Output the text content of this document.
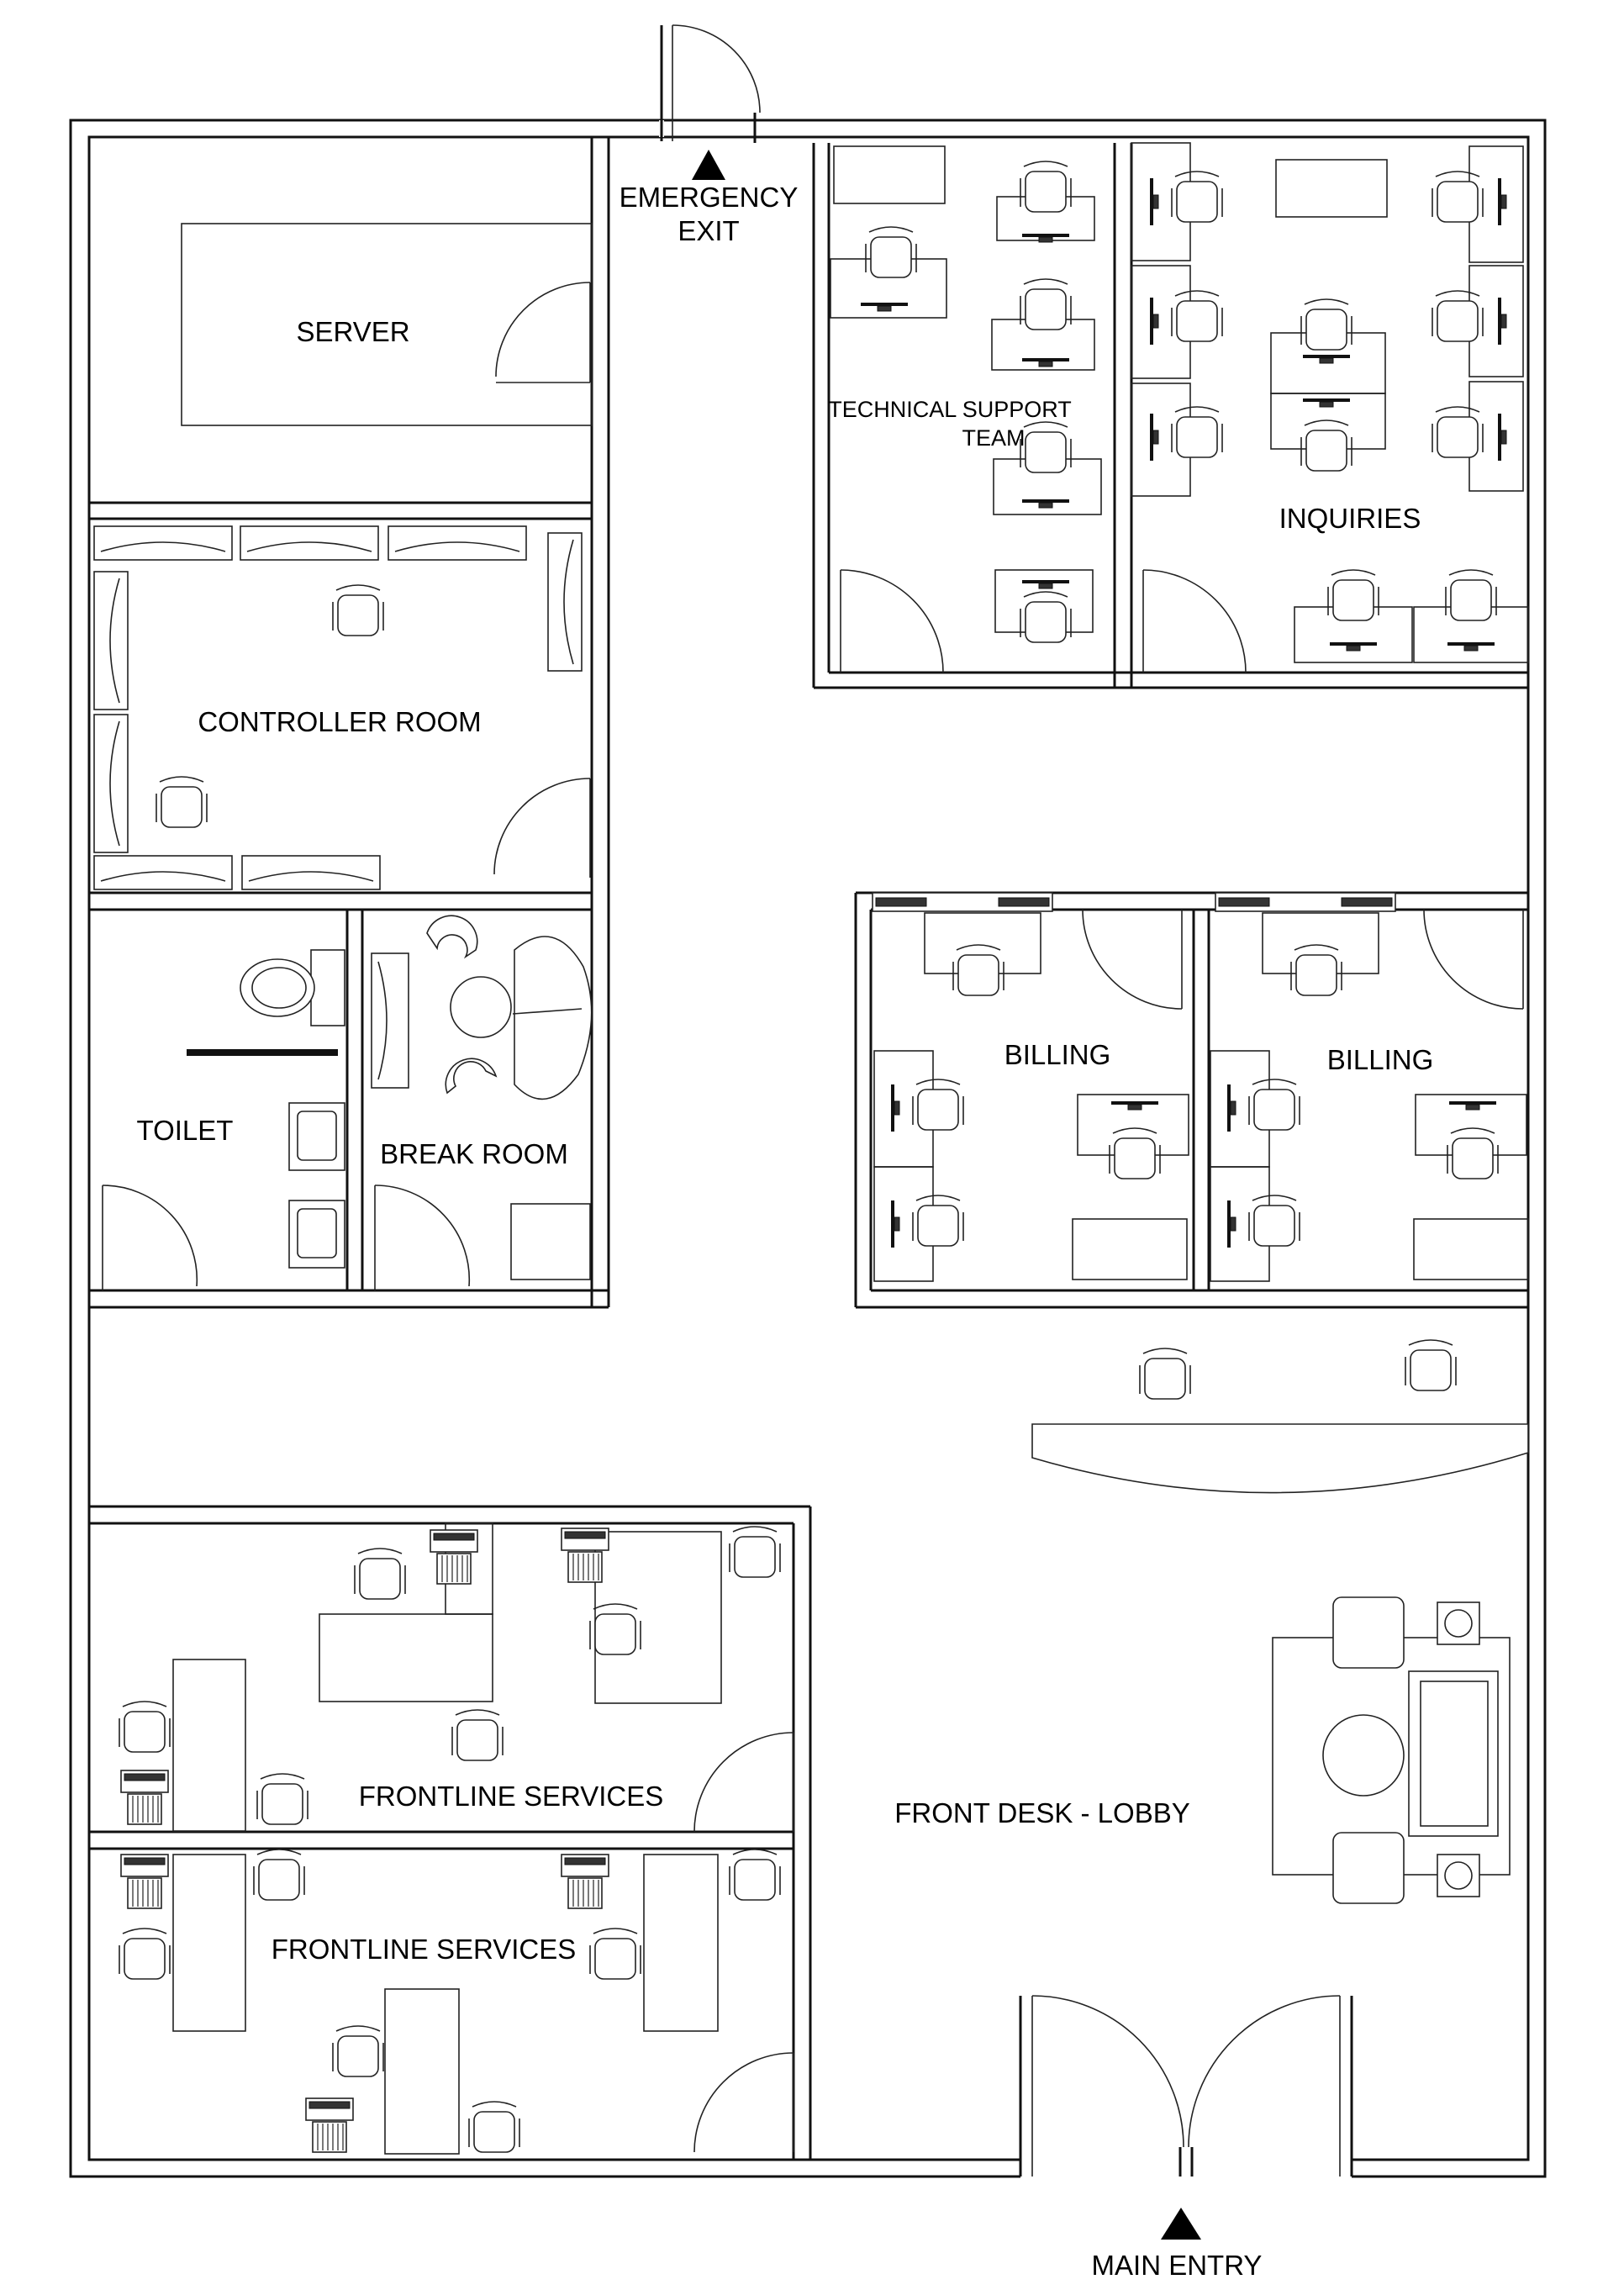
SERVER
CONTROLLER ROOM
TOILET
BREAK ROOM
TECHNICAL SUPPORT
TEAM
INQUIRIES
BILLING	BILLING
FRONTLINE SERVICES
FRONTLINE SERVICES
FRONT DESK - LOBBY
EMERGENCY
EXIT
MAIN ENTRY
